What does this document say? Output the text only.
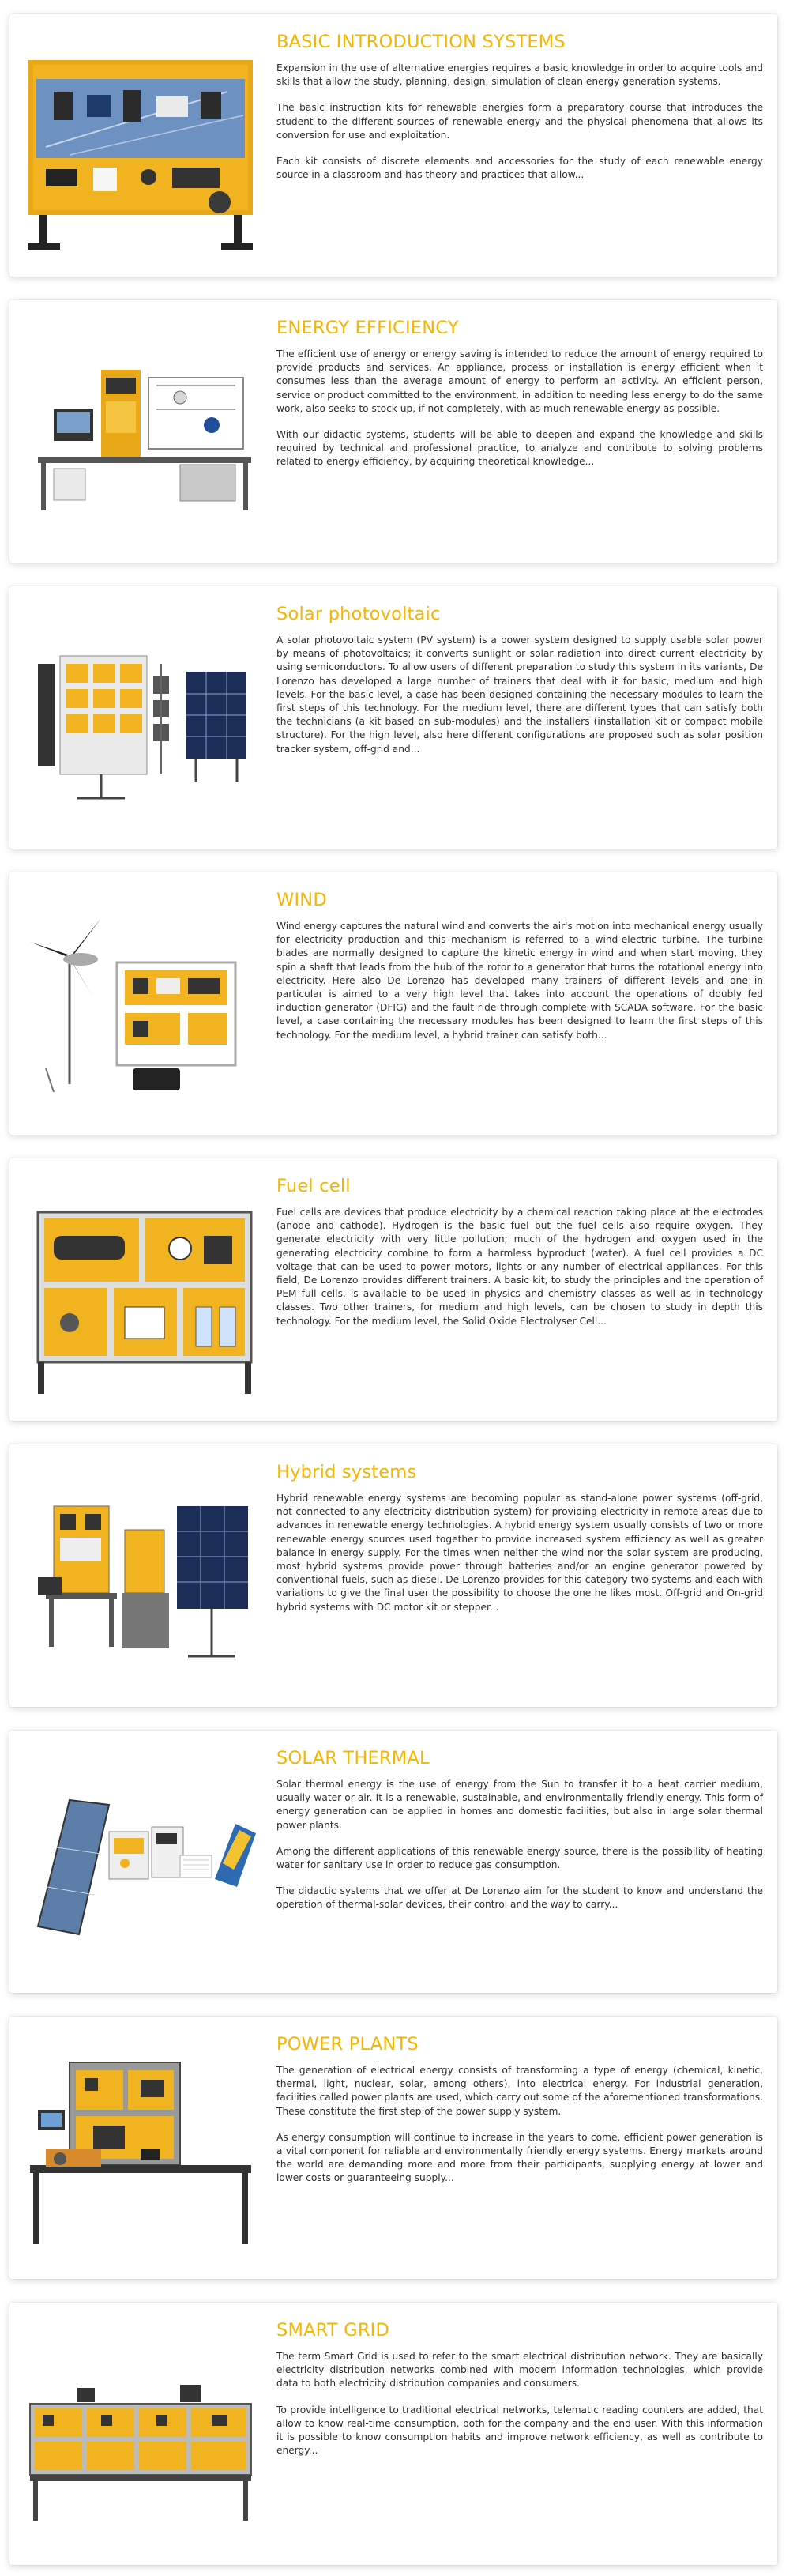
BASIC INTRODUCTION SYSTEMS

Expansion in the use of alternative energies requires a basic knowledge in order to acquire tools and skills that allow the study, planning, design, simulation of clean energy generation systems.

The basic instruction kits for renewable energies form a preparatory course that introduces the student to the different sources of renewable energy and the physical phenomena that allows its conversion for use and exploitation.

Each kit consists of discrete elements and accessories for the study of each renewable energy source in a classroom and has theory and practices that allow...

ENERGY EFFICIENCY

The efficient use of energy or energy saving is intended to reduce the amount of energy required to provide products and services. An appliance, process or installation is energy efficient when it consumes less than the average amount of energy to perform an activity. An efficient person, service or product committed to the environment, in addition to needing less energy to do the same work, also seeks to stock up, if not completely, with as much renewable energy as possible.

With our didactic systems, students will be able to deepen and expand the knowledge and skills required by technical and professional practice, to analyze and contribute to solving problems related to energy efficiency, by acquiring theoretical knowledge...

Solar photovoltaic

A solar photovoltaic system (PV system) is a power system designed to supply usable solar power by means of photovoltaics; it converts sunlight or solar radiation into direct current electricity by using semiconductors. To allow users of different preparation to study this system in its variants, De Lorenzo has developed a large number of trainers that deal with it for basic, medium and high levels. For the basic level, a case has been designed containing the necessary modules to learn the first steps of this technology. For the medium level, there are different types that can satisfy both the technicians (a kit based on sub-modules) and the installers (installation kit or compact mobile structure). For the high level, also here different configurations are proposed such as solar position tracker system, off-grid and...

WIND

Wind energy captures the natural wind and converts the air's motion into mechanical energy usually for electricity production and this mechanism is referred to a wind-electric turbine. The turbine blades are normally designed to capture the kinetic energy in wind and when start moving, they spin a shaft that leads from the hub of the rotor to a generator that turns the rotational energy into electricity. Here also De Lorenzo has developed many trainers of different levels and one in particular is aimed to a very high level that takes into account the operations of doubly fed induction generator (DFIG) and the fault ride through complete with SCADA software. For the basic level, a case containing the necessary modules has been designed to learn the first steps of this technology. For the medium level, a hybrid trainer can satisfy both...

Fuel cell

Fuel cells are devices that produce electricity by a chemical reaction taking place at the electrodes (anode and cathode). Hydrogen is the basic fuel but the fuel cells also require oxygen. They generate electricity with very little pollution; much of the hydrogen and oxygen used in the generating electricity combine to form a harmless byproduct (water). A fuel cell provides a DC voltage that can be used to power motors, lights or any number of electrical appliances. For this field, De Lorenzo provides different trainers. A basic kit, to study the principles and the operation of PEM full cells, is available to be used in physics and chemistry classes as well as in technology classes. Two other trainers, for medium and high levels, can be chosen to study in depth this technology. For the medium level, the Solid Oxide Electrolyser Cell...

Hybrid systems

Hybrid renewable energy systems are becoming popular as stand-alone power systems (off-grid, not connected to any electricity distribution system) for providing electricity in remote areas due to advances in renewable energy technologies. A hybrid energy system usually consists of two or more renewable energy sources used together to provide increased system efficiency as well as greater balance in energy supply. For the times when neither the wind nor the solar system are producing, most hybrid systems provide power through batteries and/or an engine generator powered by conventional fuels, such as diesel. De Lorenzo provides for this category two systems and each with variations to give the final user the possibility to choose the one he likes most. Off-grid and On-grid hybrid systems with DC motor kit or stepper...

SOLAR THERMAL

Solar thermal energy is the use of energy from the Sun to transfer it to a heat carrier medium, usually water or air. It is a renewable, sustainable, and environmentally friendly energy. This form of energy generation can be applied in homes and domestic facilities, but also in large solar thermal power plants.

Among the different applications of this renewable energy source, there is the possibility of heating water for sanitary use in order to reduce gas consumption.

The didactic systems that we offer at De Lorenzo aim for the student to know and understand the operation of thermal-solar devices, their control and the way to carry...

POWER PLANTS

The generation of electrical energy consists of transforming a type of energy (chemical, kinetic, thermal, light, nuclear, solar, among others), into electrical energy. For industrial generation, facilities called power plants are used, which carry out some of the aforementioned transformations. These constitute the first step of the power supply system.

As energy consumption will continue to increase in the years to come, efficient power generation is a vital component for reliable and environmentally friendly energy systems. Energy markets around the world are demanding more and more from their participants, supplying energy at lower and lower costs or guaranteeing supply...

SMART GRID

The term Smart Grid is used to refer to the smart electrical distribution network. They are basically electricity distribution networks combined with modern information technologies, which provide data to both electricity distribution companies and consumers.

To provide intelligence to traditional electrical networks, telematic reading counters are added, that allow to know real-time consumption, both for the company and the end user. With this information it is possible to know consumption habits and improve network efficiency, as well as contribute to energy...
